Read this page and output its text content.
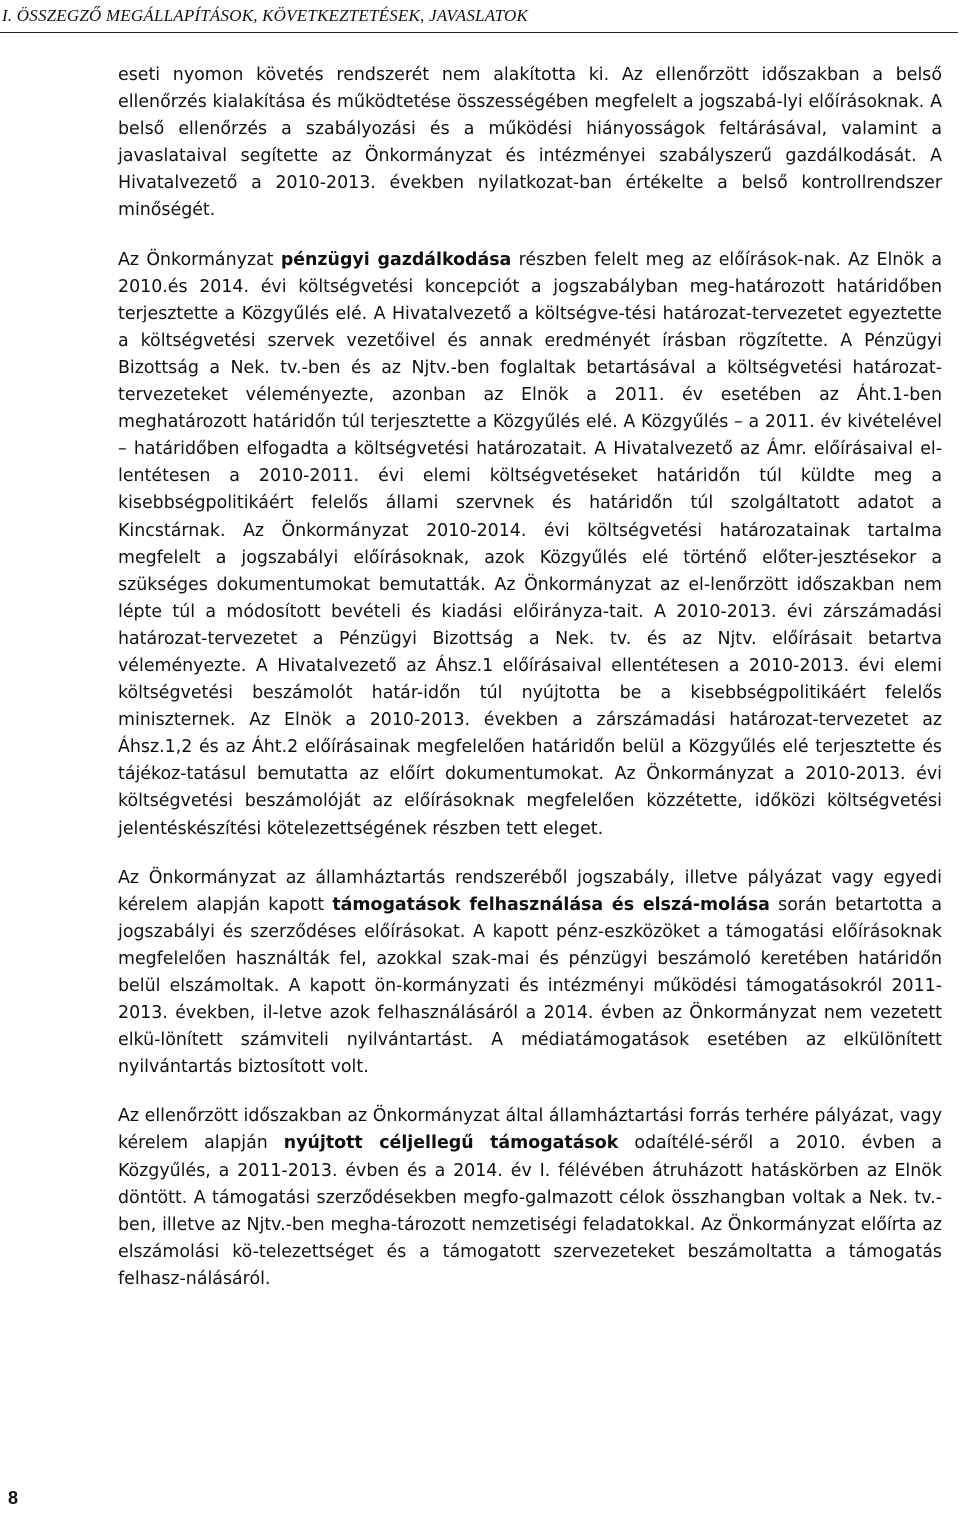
I. ÖSSZEGZŐ MEGÁLLAPÍTÁSOK, KÖVETKEZTETÉSEK, JAVASLATOK

eseti nyomon követés rendszerét nem alakította ki. Az ellenőrzött időszakban a belső ellenőrzés kialakítása és működtetése összességében megfelelt a jogszabá-lyi előírásoknak. A belső ellenőrzés a szabályozási és a működési hiányosságok feltárásával, valamint a javaslataival segítette az Önkormányzat és intézményei szabályszerű gazdálkodását. A Hivatalvezető a 2010-2013. években nyilatkozat-ban értékelte a belső kontrollrendszer minőségét.

Az Önkormányzat pénzügyi gazdálkodása részben felelt meg az előírások-nak. Az Elnök a 2010.és 2014. évi költségvetési koncepciót a jogszabályban meg-határozott határidőben terjesztette a Közgyűlés elé. A Hivatalvezető a költségve-tési határozat-tervezetet egyeztette a költségvetési szervek vezetőivel és annak eredményét írásban rögzítette. A Pénzügyi Bizottság a Nek. tv.-ben és az Njtv.-ben foglaltak betartásával a költségvetési határozat-tervezeteket véleményezte, azonban az Elnök a 2011. év esetében az Áht.1-ben meghatározott határidőn túl terjesztette a Közgyűlés elé. A Közgyűlés – a 2011. év kivételével – határidőben elfogadta a költségvetési határozatait. A Hivatalvezető az Ámr. előírásaival el-lentétesen a 2010-2011. évi elemi költségvetéseket határidőn túl küldte meg a kisebbségpolitikáért felelős állami szervnek és határidőn túl szolgáltatott adatot a Kincstárnak. Az Önkormányzat 2010-2014. évi költségvetési határozatainak tartalma megfelelt a jogszabályi előírásoknak, azok Közgyűlés elé történő előter-jesztésekor a szükséges dokumentumokat bemutatták. Az Önkormányzat az el-lenőrzött időszakban nem lépte túl a módosított bevételi és kiadási előirányza-tait. A 2010-2013. évi zárszámadási határozat-tervezetet a Pénzügyi Bizottság a Nek. tv. és az Njtv. előírásait betartva véleményezte. A Hivatalvezető az Áhsz.1 előírásaival ellentétesen a 2010-2013. évi elemi költségvetési beszámolót határ-időn túl nyújtotta be a kisebbségpolitikáért felelős miniszternek. Az Elnök a 2010-2013. években a zárszámadási határozat-tervezetet az Áhsz.1,2 és az Áht.2 előírásainak megfelelően határidőn belül a Közgyűlés elé terjesztette és tájékoz-tatásul bemutatta az előírt dokumentumokat. Az Önkormányzat a 2010-2013. évi költségvetési beszámolóját az előírásoknak megfelelően közzétette, időközi költségvetési jelentéskészítési kötelezettségének részben tett eleget.

Az Önkormányzat az államháztartás rendszeréből jogszabály, illetve pályázat vagy egyedi kérelem alapján kapott támogatások felhasználása és elszá-molása során betartotta a jogszabályi és szerződéses előírásokat. A kapott pénz-eszközöket a támogatási előírásoknak megfelelően használták fel, azokkal szak-mai és pénzügyi beszámoló keretében határidőn belül elszámoltak. A kapott ön-kormányzati és intézményi működési támogatásokról 2011-2013. években, il-letve azok felhasználásáról a 2014. évben az Önkormányzat nem vezetett elkü-lönített számviteli nyilvántartást. A médiatámogatások esetében az elkülönített nyilvántartás biztosított volt.

Az ellenőrzött időszakban az Önkormányzat által államháztartási forrás terhére pályázat, vagy kérelem alapján nyújtott céljellegű támogatások odaítélé-séről a 2010. évben a Közgyűlés, a 2011-2013. évben és a 2014. év I. félévében átruházott hatáskörben az Elnök döntött. A támogatási szerződésekben megfo-galmazott célok összhangban voltak a Nek. tv.-ben, illetve az Njtv.-ben megha-tározott nemzetiségi feladatokkal. Az Önkormányzat előírta az elszámolási kö-telezettséget és a támogatott szervezeteket beszámoltatta a támogatás felhasz-nálásáról.

8
